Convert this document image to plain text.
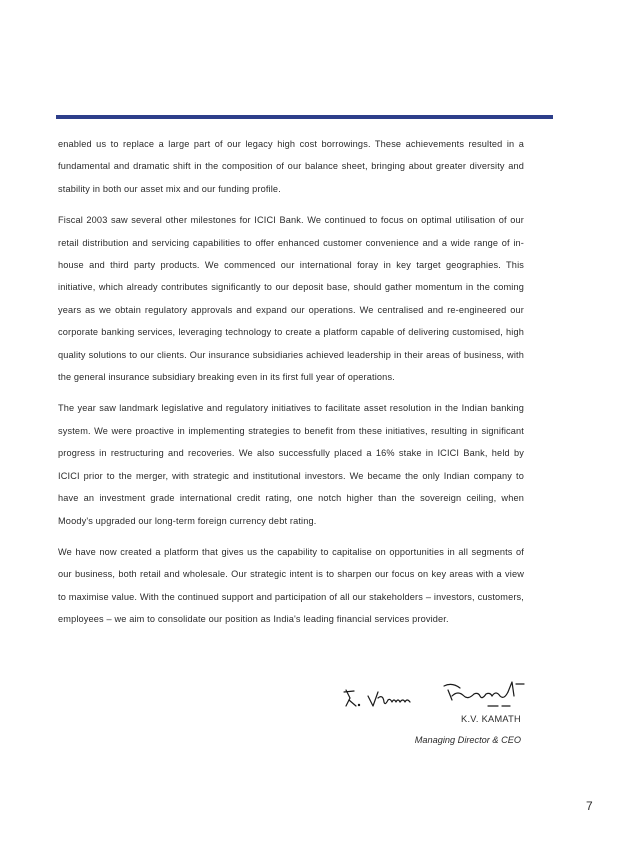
enabled us to replace a large part of our legacy high cost borrowings. These achievements resulted in a fundamental and dramatic shift in the composition of our balance sheet, bringing about greater diversity and stability in both our asset mix and our funding profile.

Fiscal 2003 saw several other milestones for ICICI Bank. We continued to focus on optimal utilisation of our retail distribution and servicing capabilities to offer enhanced customer convenience and a wide range of in-house and third party products. We commenced our international foray in key target geographies. This initiative, which already contributes significantly to our deposit base, should gather momentum in the coming years as we obtain regulatory approvals and expand our operations. We centralised and re-engineered our corporate banking services, leveraging technology to create a platform capable of delivering customised, high quality solutions to our clients. Our insurance subsidiaries achieved leadership in their areas of business, with the general insurance subsidiary breaking even in its first full year of operations.

The year saw landmark legislative and regulatory initiatives to facilitate asset resolution in the Indian banking system. We were proactive in implementing strategies to benefit from these initiatives, resulting in significant progress in restructuring and recoveries. We also successfully placed a 16% stake in ICICI Bank, held by ICICI prior to the merger, with strategic and institutional investors. We became the only Indian company to have an investment grade international credit rating, one notch higher than the sovereign ceiling, when Moody's upgraded our long-term foreign currency debt rating.

We have now created a platform that gives us the capability to capitalise on opportunities in all segments of our business, both retail and wholesale. Our strategic intent is to sharpen our focus on key areas with a view to maximise value. With the continued support and participation of all our stakeholders – investors, customers, employees – we aim to consolidate our position as India's leading financial services provider.

K.V. KAMATH
Managing Director & CEO
7
